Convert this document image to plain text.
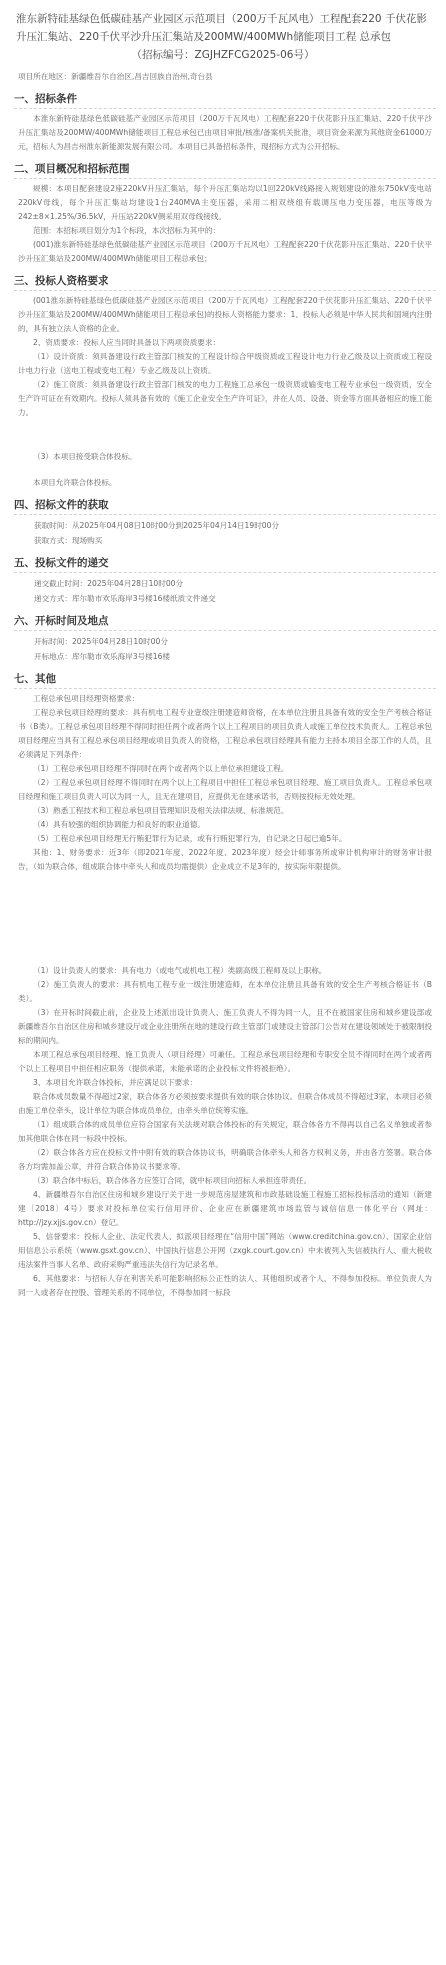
淮东新特硅基绿色低碳硅基产业园区示范项目（200万千瓦风电）工程配套220 千伏花影升压汇集站、220千伏平沙升压汇集站及200MW/400MWh储能项目工程 总承包
（招标编号：ZGJHZFCG2025-06号）
项目所在地区：新疆维吾尔自治区,昌吉回族自治州,奇台县
一、招标条件

本淮东新特硅基绿色低碳硅基产业园区示范项目（200万千瓦风电）工程配套220千伏花影升压汇集站、220千伏平沙升压汇集站及200MW/400MWh储能项目工程总承包已由项目审批/核准/备案机关批准，项目资金来源为其他资金61000万元，招标人为昌吉州淮东新能源发展有限公司。本项目已具备招标条件，现招标方式为公开招标。

二、项目概况和招标范围

规模：本项目配套建设2座220kV升压汇集站，每个升压汇集站均以1回220kV线路接入规划建设的淮东750kV变电站220kV母线，每个升压汇集站均建设1台240MVA主变压器，采用二相双绕组有载调压电力变压器，电压等级为242±8×1.25%/36.5kV，升压站220kV侧采用双母线接线。

范围：本招标项目划分为1个标段，本次招标为其中的：

(001)淮东新特硅基绿色低碳硅基产业园区示范项目（200万千瓦风电）工程配套220千伏花影升压汇集站、220千伏平沙升压汇集站及200MW/400MWh储能项目工程总承包；

三、投标人资格要求

(001淮东新特硅基绿色低碳硅基产业园区示范项目（200万千瓦风电）工程配套220千伏花影升压汇集站、220千伏平沙升压汇集站及200MW/400MWh储能项目工程总承包)的投标人资格能力要求：1、投标人必须是中华人民共和国境内注册的，具有独立法人资格的企业。

2、资质要求：投标人应当同时具备以下两项资质要求：

（1）设计资质：须具备建设行政主管部门核发的工程设计综合甲级资质或工程设计电力行业乙级及以上资质或工程设计电力行业（送电工程或变电工程）专业乙级及以上资质。

（2）施工资质：须具备建设行政主管部门核发的电力工程施工总承包一级资质或输变电工程专业承包一级资质，安全生产许可证在有效期内。投标人须具备有效的《施工企业安全生产许可证》，并在人员、设备、资金等方面具备相应的施工能力。

（3）本项目接受联合体投标。

本项目允许联合体投标。

四、招标文件的获取

获取时间：从2025年04月08日10时00分到2025年04月14日19时00分

获取方式：现场购买

五、投标文件的递交

递交截止时间：2025年04月28日10时00分

递交方式：库尔勒市欢乐海岸3号楼16楼纸质文件递交

六、开标时间及地点

开标时间：2025年04月28日10时00分

开标地点：库尔勒市欢乐海岸3号楼16楼

七、其他

工程总承包项目经理资格要求：

工程总承包项目经理的要求：具有机电工程专业壹级注册建造师资格，在本单位注册且具备有效的安全生产考核合格证书（B类）。工程总承包项目经理不得同时担任两个或者两个以上工程项目的项目负责人或施工单位技术负责人。工程总承包项目经理应当具有工程总承包项目经理或项目负责人的资格，工程总承包项目经理具有能力主持本项目全部工作的人员，且必须满足下列条件：

（1）工程总承包项目经理不得同时在两个或者两个以上单位承担建设工程。

（2）工程总承包项目经理不得同时在两个以上工程项目中担任工程总承包项目经理、施工项目负责人。工程总承包项目经理和施工项目负责人可以为同一人，且无在建项目，应提供无在建承诺书，否则按投标无效处理。

（3）熟悉工程技术和工程总承包项目管理知识及相关法律法规、标准规范。

（4）具有较强的组织协调能力和良好的职业道德。

（5）工程总承包项目经理无行贿犯罪行为记录，或有行贿犯罪行为，自记录之日起已逾5年。

其他：1、财务要求：近3年（即2021年度、2022年度、2023年度）经会计师事务所或审计机构审计的财务审计报告，（如为联合体，组成联合体中牵头人和成员均需提供）企业成立不足3年的，按实际年限提供。

（1）设计负责人的要求：具有电力（或电气或机电工程）类副高级工程师及以上职称。

（2）施工负责人的要求：具有机电工程专业一级注册建造师，在本单位注册且具备有效的安全生产考核合格证书（B类）。

（3）在开标时间截止前，企业及上述派出设计负责人、施工负责人不得为同一人，且不在被国家住房和城乡建设部或新疆维吾尔自治区住房和城乡建设厅或企业注册所在地的建设行政主管部门或建设主管部门公告对在建设领域处于被限制投标的期间内。

本项工程总承包项目经理、施工负责人（项目经理）可兼任。工程总承包项目经理和专职安全员不得同时在两个或者两个以上工程项目中担任相应职务（提供承诺，未能承诺的企业投标文件将被拒绝）。

3、本项目允许联合体投标，并应满足以下要求：

联合体成员数量不得超过2家，联合体各方必须按要求提供有效的联合体协议。但联合体成员不得超过3家，本项目必须由施工单位牵头，设计单位为联合体成员单位，由牵头单位统筹实施。

（1）组成联合体的成员单位应符合国家有关法规对联合体投标的有关规定，联合体各方不得再以自己名义单独或者参加其他联合体在同一标段中投标。

（2）联合体各方应在投标文件中附有效的联合体协议书，明确联合体牵头人和各方权利义务，并由各方签署。联合体各方均需加盖公章，并符合联合体协议书要求等。

（3）联合体中标后，联合体各方应签订合同，就中标项目向招标人承担连带责任。

4、新疆维吾尔自治区住房和城乡建设厅关于进一步规范房屋建筑和市政基础设施工程施工招标投标活动的通知（新建建〔2018〕4号）要求对投标单位实行信用评价、企业应在新疆建筑市场监管与诚信信息一体化平台（网址：http://jzy.xjjs.gov.cn）登记。

5、信誉要求：投标人企业、法定代表人、拟派项目经理在“信用中国”网站（www.creditchina.gov.cn）、国家企业信用信息公示系统（www.gsxt.gov.cn）、中国执行信息公开网（zxgk.court.gov.cn）中未被列入失信被执行人、重大税收违法案件当事人名单、政府采购严重违法失信行为记录名单。

6、其他要求：与招标人存在利害关系可能影响招标公正性的法人、其他组织或者个人，不得参加投标。单位负责人为同一人或者存在控股、管理关系的不同单位，不得参加同一标段
